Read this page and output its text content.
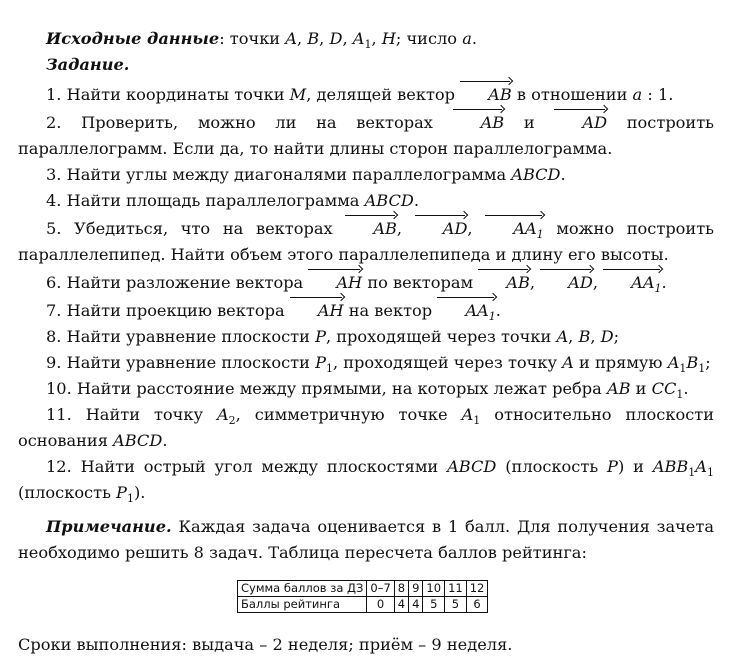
Исходные данные: точки A, B, D, $A_1$, H; число a.

Задание.

1. Найти координаты точки M, делящей вектор AB в отношении a : 1.

2. Проверить, можно ли на векторах AB и AD построить параллелограмм. Если да, то найти длины сторон параллелограмма.

3. Найти углы между диагоналями параллелограмма ABCD.

4. Найти площадь параллелограмма ABCD.

5. Убедиться, что на векторах AB, AD, $AA_1$ можно построить параллелепипед. Найти объем этого параллелепипеда и длину его высоты.

6. Найти разложение вектора AH по векторам AB, AD, $AA_1$.

7. Найти проекцию вектора AH на вектор $AA_1$.

8. Найти уравнение плоскости P, проходящей через точки A, B, D;

9. Найти уравнение плоскости $P_1$, проходящей через точку A и прямую $A_1B_1$;

10. Найти расстояние между прямыми, на которых лежат ребра AB и $CC_1$.

11. Найти точку $A_2$, симметричную точке $A_1$ относительно плоскости основания ABCD.

12. Найти острый угол между плоскостями ABCD (плоскость P) и $ABB_1A_1$ (плоскость $P_1$).

Примечание. Каждая задача оценивается в 1 балл. Для получения зачета необходимо решить 8 задач. Таблица пересчета баллов рейтинга:

Сумма баллов за ДЗ	0–7	8	9	10	11	12
Баллы рейтинга	0	4	4	5	5	6

Сроки выполнения: выдача – 2 неделя; приём – 9 неделя.
